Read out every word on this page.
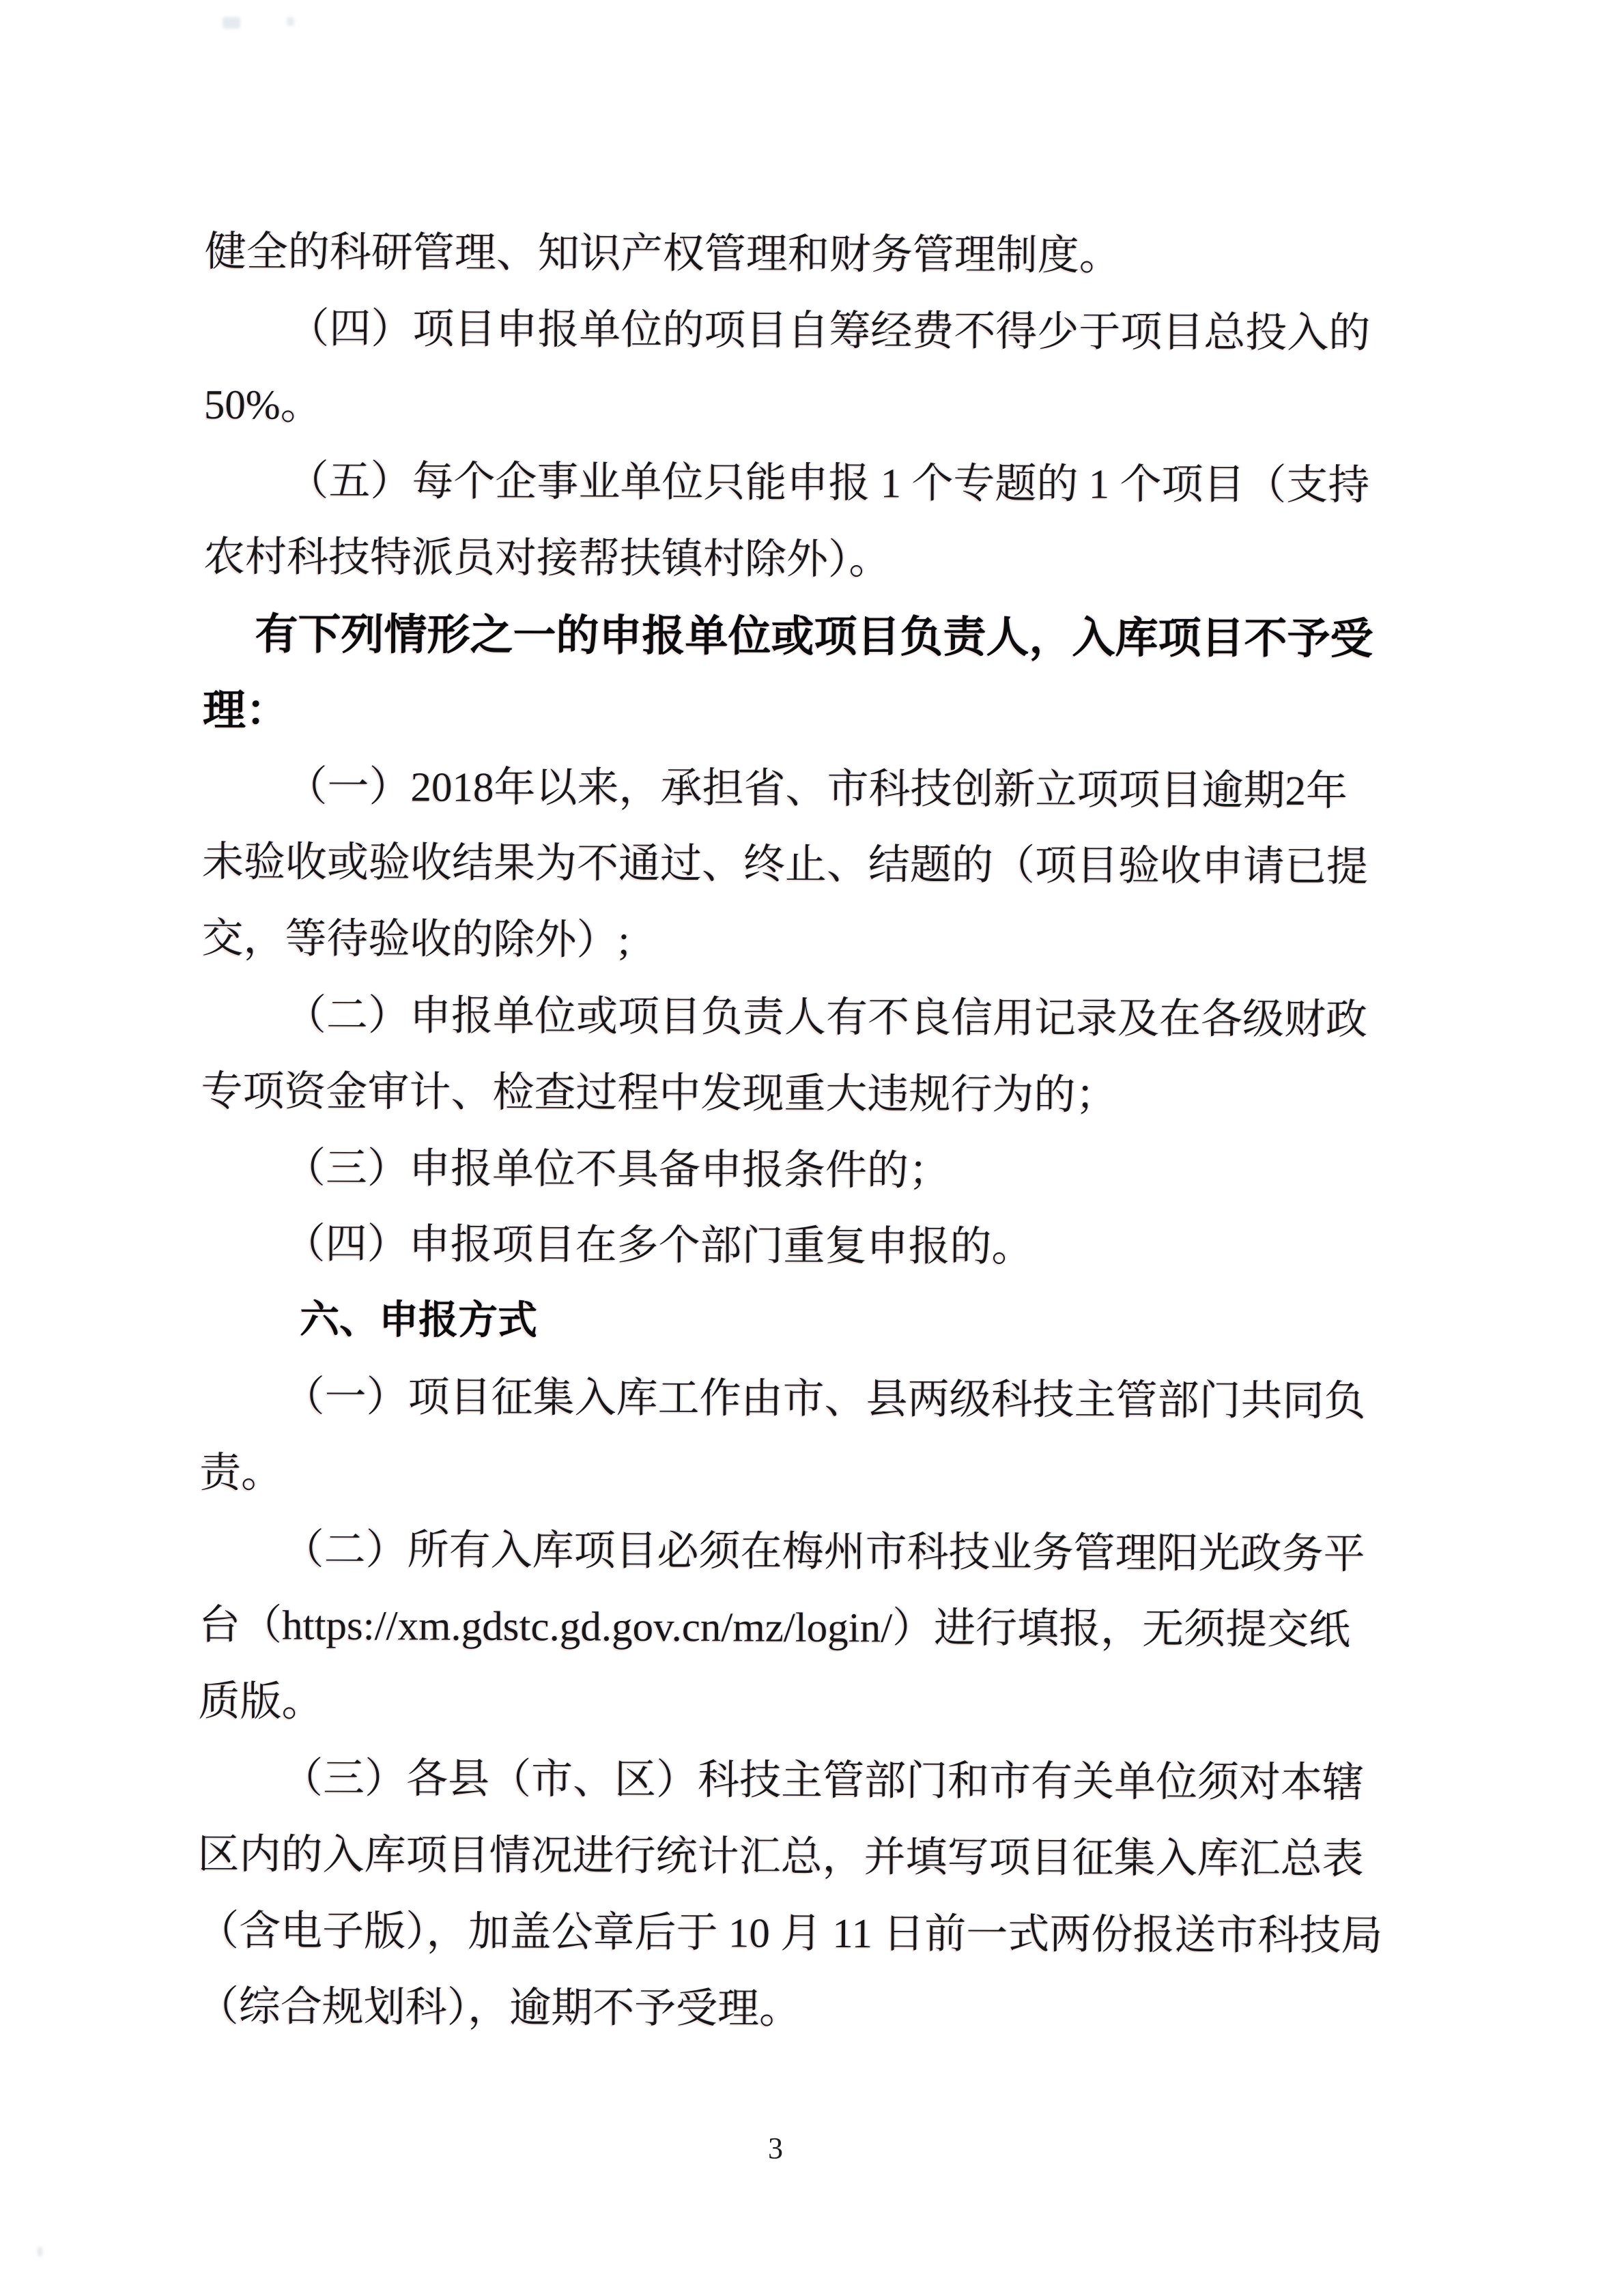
健全的科研管理、知识产权管理和财务管理制度。
（四）项目申报单位的项目自筹经费不得少于项目总投入的
50%。
（五）每个企事业单位只能申报 1 个专题的 1 个项目（支持
农村科技特派员对接帮扶镇村除外）。
有下列情形之一的申报单位或项目负责人，入库项目不予受
理：
（一）2018年以来，承担省、市科技创新立项项目逾期2年
未验收或验收结果为不通过、终止、结题的（项目验收申请已提
交，等待验收的除外）;
（二）申报单位或项目负责人有不良信用记录及在各级财政
专项资金审计、检查过程中发现重大违规行为的；
（三）申报单位不具备申报条件的；
（四）申报项目在多个部门重复申报的。
六、申报方式
（一）项目征集入库工作由市、县两级科技主管部门共同负
责。
（二）所有入库项目必须在梅州市科技业务管理阳光政务平
台（https://xm.gdstc.gd.gov.cn/mz/login/）进行填报，无须提交纸
质版。
（三）各县（市、区）科技主管部门和市有关单位须对本辖
区内的入库项目情况进行统计汇总，并填写项目征集入库汇总表
（含电子版），加盖公章后于 10 月 11 日前一式两份报送市科技局
（综合规划科），逾期不予受理。
3
